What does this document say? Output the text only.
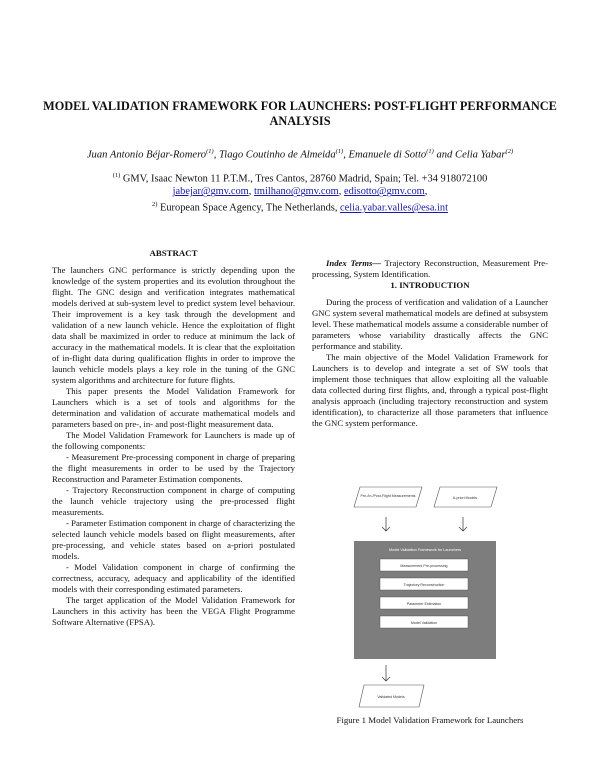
MODEL VALIDATION FRAMEWORK FOR LAUNCHERS: POST-FLIGHT PERFORMANCE ANALYSIS
Juan Antonio Béjar-Romero$^{(1)}$, Tiago Coutinho de Almeida$^{(1)}$, Emanuele di Sotto$^{(1)}$ and Celia Yabar$^{(2)}$
$^{(1)}$ GMV, Isaac Newton 11 P.T.M., Tres Cantos, 28760 Madrid, Spain; Tel. +34 918072100
jabejar@gmv.com, tmilhano@gmv.com, edisotto@gmv.com,
$^{2)}$ European Space Agency, The Netherlands, celia.yabar.valles@esa.int
ABSTRACT

The launchers GNC performance is strictly depending upon the knowledge of the system properties and its evolution throughout the flight. The GNC design and verification integrates mathematical models derived at sub-system level to predict system level behaviour. Their improvement is a key task through the development and validation of a new launch vehicle. Hence the exploitation of flight data shall be maximized in order to reduce at minimum the lack of accuracy in the mathematical models. It is clear that the exploitation of in-flight data during qualification flights in order to improve the launch vehicle models plays a key role in the tuning of the GNC system algorithms and architecture for future flights.

This paper presents the Model Validation Framework for Launchers which is a set of tools and algorithms for the determination and validation of accurate mathematical models and parameters based on pre-, in- and post-flight measurement data.

The Model Validation Framework for Launchers is made up of the following components:

- Measurement Pre-processing component in charge of preparing the flight measurements in order to be used by the Trajectory Reconstruction and Parameter Estimation components.

- Trajectory Reconstruction component in charge of computing the launch vehicle trajectory using the pre-processed flight measurements.

- Parameter Estimation component in charge of characterizing the selected launch vehicle models based on flight measurements, after pre-processing, and vehicle states based on a-priori postulated models.

- Model Validation component in charge of confirming the correctness, accuracy, adequacy and applicability of the identified models with their corresponding estimated parameters.

The target application of the Model Validation Framework for Launchers in this activity has been the VEGA Flight Programme Software Alternative (FPSA).

Index Terms— Trajectory Reconstruction, Measurement Pre-processing, System Identification.

1. INTRODUCTION

During the process of verification and validation of a Launcher GNC system several mathematical models are defined at subsystem level. These mathematical models assume a considerable number of parameters whose variability drastically affects the GNC performance and stability.

The main objective of the Model Validation Framework for Launchers is to develop and integrate a set of SW tools that implement those techniques that allow exploiting all the valuable data collected during first flights, and, through a typical post-flight analysis approach (including trajectory reconstruction and system identification), to characterize all those parameters that influence the GNC system performance.

Pre-/In-/Post-Flight Measurements	A-priori Models
Model Validation Framework for Launchers
Measurement Pre-processing
Trajectory Reconstruction
Parameter Estimation
Model Validation
Validated Models
Figure 1 Model Validation Framework for Launchers
